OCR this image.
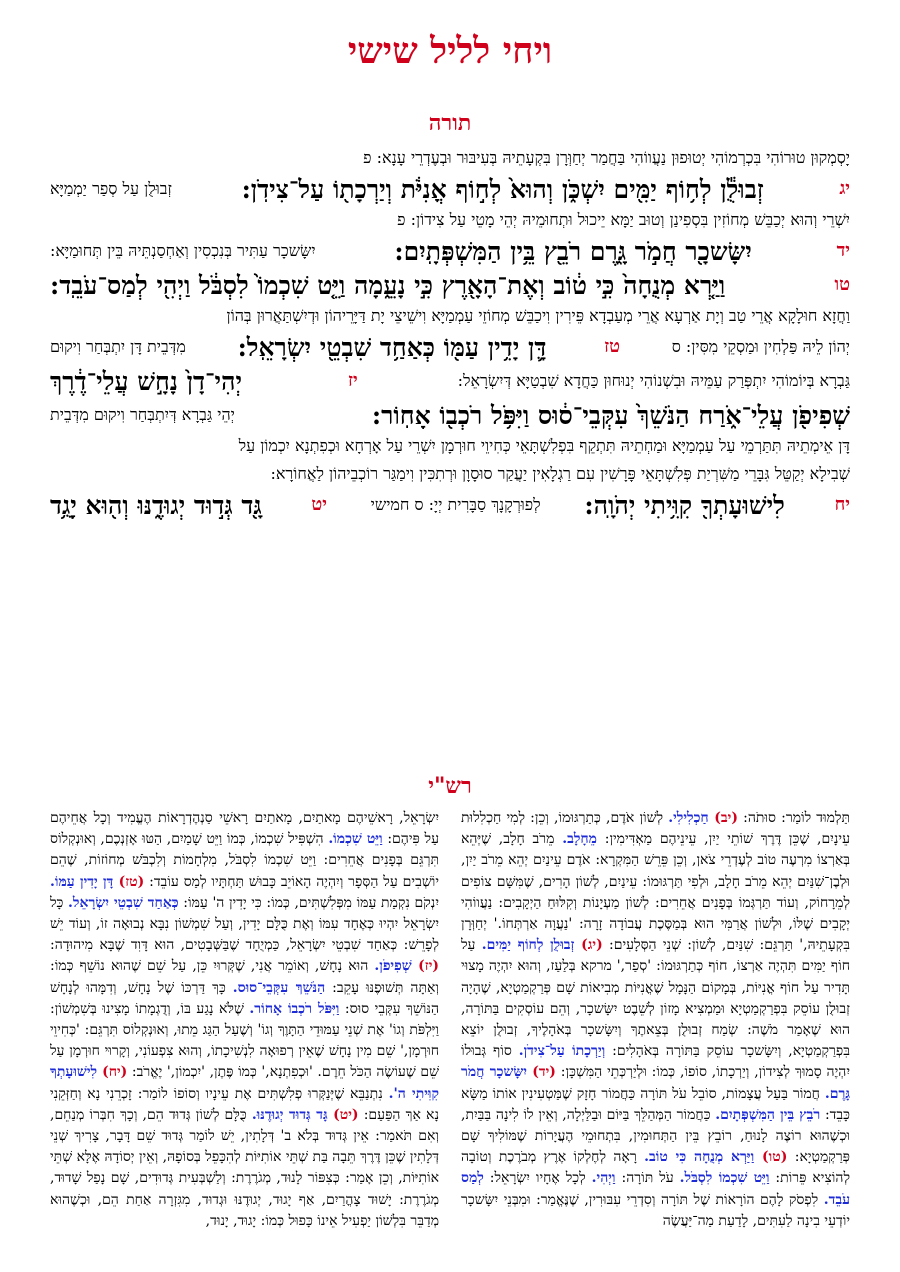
ויחי לליל שישי
תורה
יָסְמְקוּן טוּרוֹהִי בִּכְרְמוֹהִי יְטוּפוּן נַעֲווֹהִי בַּחֲמַר יְחַוְּרָן בִּקְעָתֵיהּ בְּעִיבּוּר וּבְעֶדְרֵי עָנָא: פ
יג
זְבוּלֻ֕ן לְח֥וֹף יַמִּ֖ים יִשְׁכֹּ֑ן וְהוּא֙ לְח֣וֹף אֳנִיֹּ֔ת וְיַרְכָת֖וֹ עַל־צִידֹֽן:
זְבוּלֻן עַל סְפַר יַמְמַיָּא
יִשְׁרֵי וְהוּא יְכַבֵּשׁ מְחוֹזִין בִּסְפִינַן וְטוּב יַמָּא יֵיכוּל וּתְחוּמֵיהּ יְהֵי מָטֵי עַל צִידוֹן: פ
יד
יִשָּׂשכָ֖ר חֲמֹ֣ר גָּ֑רֶם רֹבֵ֖ץ בֵּ֥ין הַמִּשְׁפְּתָֽיִם:
יִשָּׂשכָר עַתִּיר בְּנִכְסִין וְאַחְסַנְתֵּיהּ בֵּין תְּחוּמַיָּא:
טו
וַיַּ֤רְא מְנֻחָה֙ כִּ֣י ט֔וֹב וְאֶת־הָאָ֖רֶץ כִּ֣י נָעֵ֑מָה וַיֵּ֤ט שִׁכְמוֹ֙ לִסְבֹּ֔ל וַיְהִ֖י לְמַס־עֹבֵֽד:
וַחֲזָא חוּלָקָא אֲרֵי טַב וְיָת אַרְעָא אֲרֵי מְעַבְדָא פֵּירִין וִיכַבֵּשׁ מְחוֹזֵי עַמְמַיָּא וִישֵׁיצֵי יָת דַּיָּרֵיהוֹן וּדְיִשְׁתַּאֲרוּן בְּהוֹן
יְהוֹן לֵיהּ פַּלְחִין וּמַסְקֵי מִסִּין: ס
טז
דָּ֛ן יָדִ֥ין עַמּ֖וֹ כְּאַחַ֥ד שִׁבְטֵ֖י יִשְׂרָאֵֽל:
מִדְּבֵית דָּן יִתְבְּחַר וִיקוּם
גַּבְרָא בְּיוֹמוֹהִי יִתְפְּרַק עַמֵּיהּ וּבִשְׁנוֹהִי יְנוּחוּן כַּחֲדָא שִׁבְטַיָּא דְּיִשְׂרָאֵל:
יז
יְהִי־דָן֙ נָחָ֣שׁ עֲלֵי־דֶ֔רֶךְ
שְׁפִיפֹ֖ן עֲלֵי־אֹ֑רַח הַנֹּשֵׁךְ֙ עִקְּבֵי־ס֔וּס וַיִּפֹּ֥ל רֹכְב֖וֹ אָחֽוֹר:
יְהֵי גַּבְרָא דְּיִתְבְּחַר וִיקוּם מִדְּבֵית
דָּן אֵימְתֵיהּ תִּתַּרְמֵי עַל עַמְמַיָּא וּמַחְתֵיהּ תִּתְקֵף בִּפְלִשְׁתָּאֵי כְּחִיוֵי חוּרְמָן יִשְׁרֵי עַל אָרְחָא וּכְפִתְנָא יִכְמוֹן עַל
שְׁבִילָא יְקַטֵּל גִּבָּרֵי מַשִּׁרְיַת פְּלִשְׁתָּאֵי פָּרָשִׁין עִם רַגְלָאִין יַעֲקַר סוּסָוָן וּרְתִכִּין וִימַגַּר רוֹכְבֵיהוֹן לַאֲחוֹרָא:
יח
לִישׁוּעָתְךָ֖ קִוִּ֥יתִי יְהֹוָֽה:
לְפוּרְקָנָךְ סַבָּרִית יְיָ: ס חמישי
יט
גָּ֖ד גְּד֣וּד יְגוּדֶ֑נּוּ וְה֖וּא יָגֻ֥ד
רש"י
תַּלְמוּד לוֹמַר: סוּתֹה: (יב) חַכְלִילִי. לְשׁוֹן אֹדֶם, כְּתַרְגּוּמוֹ, וְכֵן: לְמִי חַכְלִלוּת עֵינָיִם, שֶׁכֵּן דֶּרֶךְ שׁוֹתֵי יַיִן, עֵינֵיהֶם מַאְדִּימִין: מֵחָלָב. מֵרֹב חָלָב, שֶׁיְּהֵא בְּאַרְצוֹ מִרְעֶה טוֹב לְעֶדְרֵי צֹאן, וְכֵן פֵּרֵשׁ הַמִּקְרָא: אֹדֶם עֵינַיִם יְהֵא מֵרֹב יַיִן, וּלְבֶן־שִׁנַּיִם יְהֵא מֵרֹב חָלָב, וּלְפִי תַּרְגּוּמוֹ: עֵינַיִם, לְשׁוֹן הָרִים, שֶׁמִּשָּׁם צוֹפִים לְמֵרָחוֹק, וְעוֹד תַּרְגְּמוֹ בְּפָנִים אֲחֵרִים: לְשׁוֹן מַעְיָנוֹת וְקִלּוּחַ הַיְקָבִים: נַעֲווֹהִי יְקָבִים שֶׁלּוֹ, וּלְשׁוֹן אֲרַמִּי הוּא בְּמַסֶּכֶת עֲבוֹדָה זָרָה: 'נַעֲוָה אַרְתְּחוֹ.' יְחַוְּרָן בִּקְעָתֵיהּ,' תַּרְגֵּם: שִׁנַּיִם, לְשׁוֹן: שְׁנֵי הַסְּלָעִים: (יג) זְבוּלֻן לְחוֹף יַמִּים. עַל חוֹף יַמִּים תִּהְיֶה אַרְצוֹ, חוֹף כְּתַרְגּוּמוֹ: 'סְפַר,' מרקא בְּלַעַז, וְהוּא יִהְיֶה מָצוּי תָּדִיר עַל חוֹף אֳנִיּוֹת, בְּמָקוֹם הַנָּמָל שֶׁאֳנִיּוֹת מְבִיאוֹת שָׁם פְּרַקְמַטְיָא, שֶׁהָיָה זְבוּלֻן עוֹסֵק בִּפְרַקְמַטְיָא וּמַמְצִיא מָזוֹן לְשֵׁבֶט יִשָּׂשכָר, וְהֵם עוֹסְקִים בַּתּוֹרָה, הוּא שֶׁאָמַר מֹשֶׁה: שְׂמַח זְבוּלֻן בְּצֵאתֶךָ וְיִשָּׂשכָר בְּאֹהָלֶיךָ, זְבוּלֻן יוֹצֵא בִּפְרַקְמַטְיָא, וְיִשָּׂשכָר עוֹסֵק בַּתּוֹרָה בְּאֹהָלִים: וְיַרְכָתוֹ עַל־צִידֹן. סוֹף גְּבוּלוֹ יִהְיֶה סָמוּךְ לְצִידוֹן, וְיַרְכָתוֹ, סוֹפוֹ, כְּמוֹ: וּלְיַרְכְּתֵי הַמִּשְׁכָּן: (יד) יִשָּׂשכָר חֲמֹר גָּרֶם. חֲמוֹר בַּעַל עֲצָמוֹת, סוֹבֵל עֹל תּוֹרָה כַּחֲמוֹר חָזָק שֶׁמַּטְעִינִין אוֹתוֹ מַשָּׂא כָּבֵד: רֹבֵץ בֵּין הַמִּשְׁפְּתָיִם. כַּחֲמוֹר הַמְּהַלֵּךְ בַּיּוֹם וּבַלַּיְלָה, וְאֵין לוֹ לִינָה בַּבַּיִת, וּכְשֶׁהוּא רוֹצֶה לָנוּחַ, רוֹבֵץ בֵּין הַתְּחוּמִין, בִּתְחוּמֵי הֶעֲיָרוֹת שֶׁמּוֹלִיךְ שָׁם פְּרַקְמַטְיָא: (טו) וַיַּרְא מְנֻחָה כִּי טוֹב. רָאָה לְחֶלְקוֹ אֶרֶץ מְבֹרֶכֶת וְטוֹבָה לְהוֹצִיא פֵּרוֹת: וַיֵּט שִׁכְמוֹ לִסְבֹּל. עֹל תּוֹרָה: וַיְהִי. לְכָל אֶחָיו יִשְׂרָאֵל: לְמַס עֹבֵד. לִפְסֹק לָהֶם הוֹרָאוֹת שֶׁל תּוֹרָה וְסִדְרֵי עִבּוּרִין, שֶׁנֶּאֱמַר: וּמִבְּנֵי יִשָּׂשכָר יוֹדְעֵי בִינָה לַעִתִּים, לָדַעַת מַה־יַּעֲשֶׂה
יִשְׂרָאֵל, רָאשֵׁיהֶם מָאתַיִם, מָאתַיִם רָאשֵׁי סַנְהֶדְרָאוֹת הֶעֱמִיד וְכָל אֲחֵיהֶם עַל פִּיהֶם: וַיֵּט שִׁכְמוֹ. הִשְׁפִּיל שִׁכְמוֹ, כְּמוֹ וַיֵּט שָׁמַיִם, הַטּוּ אָזְנְכֶם, וְאוּנְקְלוֹס תִּרְגֵּם בְּפָנִים אֲחֵרִים: וַיֵּט שִׁכְמוֹ לִסְבֹּל, מִלְחָמוֹת וְלִכְבֹּשׁ מְחוֹזוֹת, שֶׁהֵם יוֹשְׁבִים עַל הַסְּפָר וְיִהְיֶה הָאוֹיֵב כָּבוּשׁ תַּחְתָּיו לְמַס עוֹבֵד: (טז) דָּן יָדִין עַמּוֹ. יִנְקֹם נִקְמַת עַמּוֹ מִפְּלִשְׁתִּים, כְּמוֹ: כִּי יָדִין ה' עַמּוֹ: כְּאַחַד שִׁבְטֵי יִשְׂרָאֵל. כָּל יִשְׂרָאֵל יִהְיוּ כְּאֶחָד עִמּוֹ וְאֶת כֻּלָּם יָדִין, וְעַל שִׁמְשׁוֹן נִבָּא נְבוּאָה זוֹ, וְעוֹד יֵשׁ לְפָרֵשׁ: כְּאַחַד שִׁבְטֵי יִשְׂרָאֵל, כַּמְיֻחָד שֶׁבַּשְּׁבָטִים, הוּא דָּוִד שֶׁבָּא מִיהוּדָה: (יז) שְׁפִיפֹן. הוּא נָחָשׁ, וְאוֹמֵר אֲנִי, שֶׁקְּרוּיִ כֵּן, עַל שֵׁם שֶׁהוּא נוֹשֵׁף כְּמוֹ: וְאַתָּה תְּשׁוּפֶנּוּ עָקֵב: הַנֹּשֵׁךְ עִקְּבֵי־סוּס. כָּךְ דַּרְכּוֹ שֶׁל נָחָשׁ, וְדִמָּהוּ לְנָחָשׁ הַנּוֹשֵׁךְ עִקְּבֵי סוּס: וַיִּפֹּל רֹכְבוֹ אָחוֹר. שֶׁלֹּא נָגַע בּוֹ, וְדֻגְמָתוֹ מָצִינוּ בְּשִׁמְשׁוֹן: וַיִּלְפֹּת וְגוֹ' אֶת שְׁנֵי עַמּוּדֵי הַתָּוֶךְ וְגוֹ' וְשֶׁעַל הַגַּג מֵתוּ, וְאוּנְקְלוֹס תִּרְגֵּם: 'כְּחִיוֵי חוּרְמָן,' שֵׁם מִין נָחָשׁ שֶׁאֵין רְפוּאָה לִנְשִׁיכָתוֹ, וְהוּא צִפְעוֹנִי, וְקָרוּי חוּרְמָן עַל שֵׁם שֶׁעוֹשֶׂה הַכֹּל חֵרֶם. 'וּכְפִתְנָא,' כְּמוֹ פֶּתֶן, 'יִכְמוֹן,' יֶאֱרֹב: (יח) לִישׁוּעָתְךָ קִוִּיתִי ה'. נִתְנַבֵּא שֶׁיְּנַקְּרוּ פְלִשְׁתִּים אֶת עֵינָיו וְסוֹפוֹ לוֹמַר: זָכְרֵנִי נָא וְחַזְּקֵנִי נָא אַךְ הַפַּעַם: (יט) גָּד גְּדוּד יְגוּדֶנּוּ. כֻּלָּם לְשׁוֹן גְּדוּד הֵם, וְכָךְ חִבְּרוֹ מְנַחֵם, וְאִם תֹּאמַר: אֵין גְּדוּד בְּלֹא ב' דְּלָתִין, יֵשׁ לוֹמַר גְּדוּד שֵׁם דָּבָר, צָרִיךְ שְׁנֵי דְּלָתִין שֶׁכֵּן דֶּרֶךְ תֵּבָה בַּת שְׁתֵּי אוֹתִיּוֹת לְהִכָּפֵל בְּסוֹפָהּ, וְאֵין יְסוֹדָהּ אֶלָּא שְׁתֵּי אוֹתִיּוֹת, וְכֵן אָמַר: כְּצִפּוֹר לָנוּד, מְגֹרֶרֶת: וְלַשְׁבְּעִית גְּדוּדִים, שָׁם נָפַל שָׁדוּד, מְגֹרֶרֶת: יָשׁוּד צָהֳרַיִם, אַף יָגוּד, יְגוּדֶנּוּ וּגְדוּד, מִגִּזְרָה אַחַת הֵם, וּכְשֶׁהוּא מְדַבֵּר בִּלְשׁוֹן יַפְעִיל אֵינוֹ כָּפוּל כְּמוֹ: יָגוּד, יָנוּד,
